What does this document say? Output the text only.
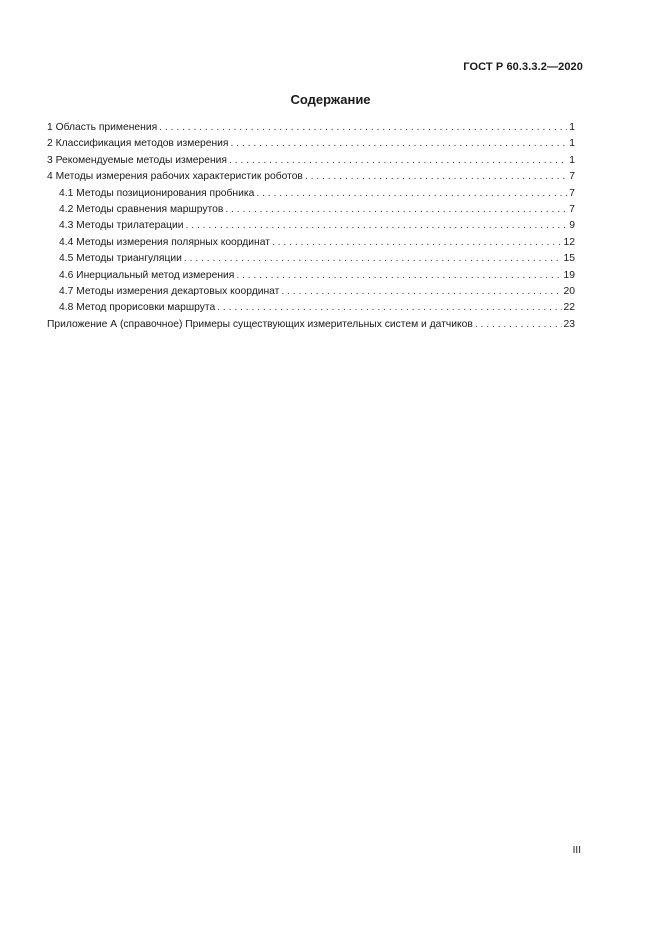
ГОСТ Р 60.3.3.2—2020
Содержание
1 Область применения . . .	1
2 Классификация методов измерения . . .	1
3 Рекомендуемые методы измерения . . .	1
4 Методы измерения рабочих характеристик роботов . . .	7
4.1 Методы позиционирования пробника . . .	7
4.2 Методы сравнения маршрутов . . .	7
4.3 Методы трилатерации . . .	9
4.4 Методы измерения полярных координат . . .	12
4.5 Методы триангуляции . . .	15
4.6 Инерциальный метод измерения . . .	19
4.7 Методы измерения декартовых координат . . .	20
4.8 Метод прорисовки маршрута . . .	22
Приложение А (справочное) Примеры существующих измерительных систем и датчиков . . .	23
III
